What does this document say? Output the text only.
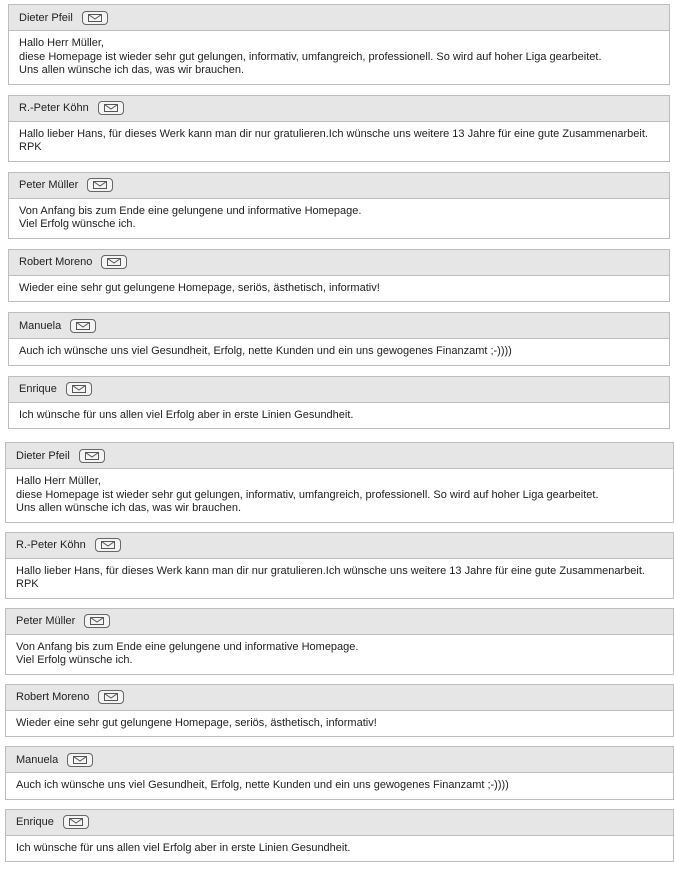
Dieter Pfeil
Hallo Herr Müller,
diese Homepage ist wieder sehr gut gelungen, informativ, umfangreich, professionell. So wird auf hoher Liga gearbeitet.
Uns allen wünsche ich das, was wir brauchen.
R.-Peter Köhn
Hallo lieber Hans, für dieses Werk kann man dir nur gratulieren.Ich wünsche uns weitere 13 Jahre für eine gute Zusammenarbeit.
RPK
Peter Müller
Von Anfang bis zum Ende eine gelungene und informative Homepage.
Viel Erfolg wünsche ich.
Robert Moreno
Wieder eine sehr gut gelungene Homepage, seriös, ästhetisch, informativ!
Manuela
Auch ich wünsche uns viel Gesundheit, Erfolg, nette Kunden und ein uns gewogenes Finanzamt ;-))))
Enrique
Ich wünsche für uns allen viel Erfolg aber in erste Linien Gesundheit.
Dieter Pfeil
Hallo Herr Müller,
diese Homepage ist wieder sehr gut gelungen, informativ, umfangreich, professionell. So wird auf hoher Liga gearbeitet.
Uns allen wünsche ich das, was wir brauchen.
R.-Peter Köhn
Hallo lieber Hans, für dieses Werk kann man dir nur gratulieren.Ich wünsche uns weitere 13 Jahre für eine gute Zusammenarbeit.
RPK
Peter Müller
Von Anfang bis zum Ende eine gelungene und informative Homepage.
Viel Erfolg wünsche ich.
Robert Moreno
Wieder eine sehr gut gelungene Homepage, seriös, ästhetisch, informativ!
Manuela
Auch ich wünsche uns viel Gesundheit, Erfolg, nette Kunden und ein uns gewogenes Finanzamt ;-))))
Enrique
Ich wünsche für uns allen viel Erfolg aber in erste Linien Gesundheit.
